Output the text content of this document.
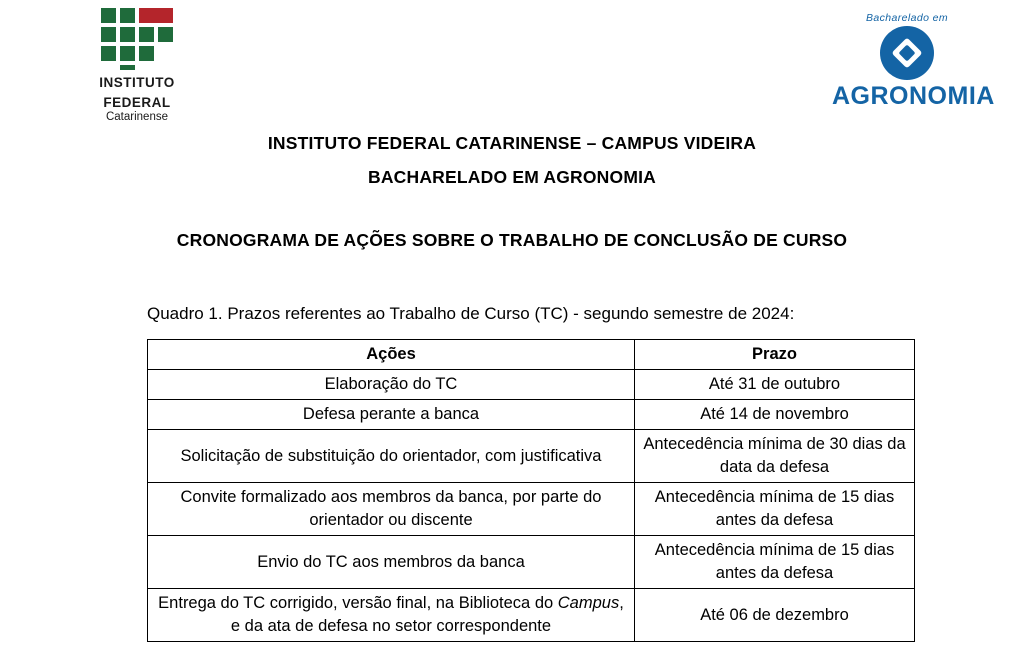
INSTITUTO
FEDERAL
Catarinense
Bacharelado em
AGRONOMIA
INSTITUTO FEDERAL CATARINENSE – CAMPUS VIDEIRA
BACHARELADO EM AGRONOMIA
CRONOGRAMA DE AÇÕES SOBRE O TRABALHO DE CONCLUSÃO DE CURSO
Quadro 1. Prazos referentes ao Trabalho de Curso (TC) - segundo semestre de 2024:
Ações	Prazo
Elaboração do TC	Até 31 de outubro
Defesa perante a banca	Até 14 de novembro
Solicitação de substituição do orientador, com justificativa	Antecedência mínima de 30 dias da data da defesa
Convite formalizado aos membros da banca, por parte do orientador ou discente	Antecedência mínima de 15 dias antes da defesa
Envio do TC aos membros da banca	Antecedência mínima de 15 dias antes da defesa
Entrega do TC corrigido, versão final, na Biblioteca do Campus, e da ata de defesa no setor correspondente	Até 06 de dezembro
